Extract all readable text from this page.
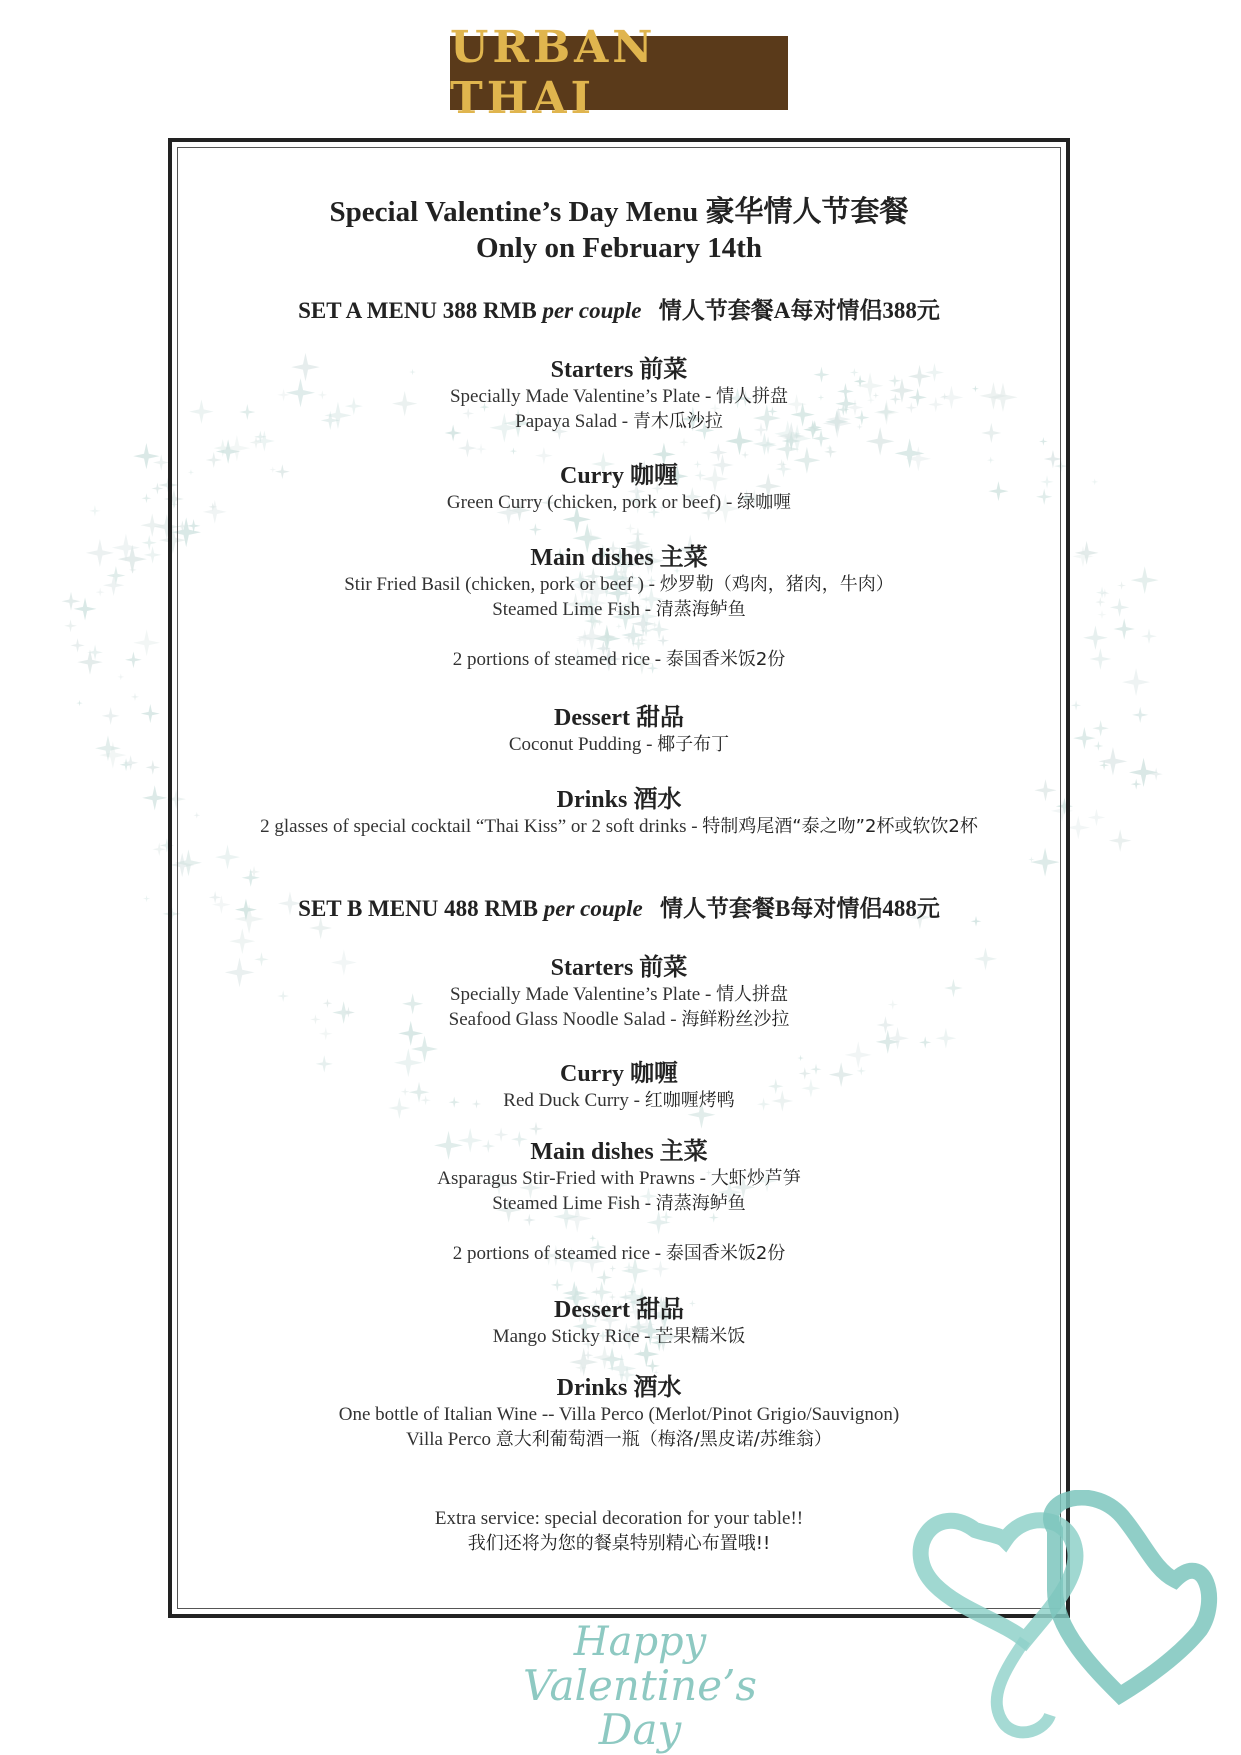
URBAN THAI
Special Valentine’s Day Menu 豪华情人节套餐
Only on February 14th
SET A MENU 388 RMB per couple 情人节套餐A每对情侣388元
Starters 前菜
Specially Made Valentine’s Plate - 情人拼盘
Papaya Salad - 青木瓜沙拉
Curry 咖喱
Green Curry (chicken, pork or beef) - 绿咖喱
Main dishes 主菜
Stir Fried Basil (chicken, pork or beef ) - 炒罗勒（鸡肉，猪肉，牛肉）
Steamed Lime Fish - 清蒸海鲈鱼
2 portions of steamed rice - 泰国香米饭2份
Dessert 甜品
Coconut Pudding - 椰子布丁
Drinks 酒水
2 glasses of special cocktail “Thai Kiss” or 2 soft drinks - 特制鸡尾酒“泰之吻”2杯或软饮2杯
SET B MENU 488 RMB per couple 情人节套餐B每对情侣488元
Starters 前菜
Specially Made Valentine’s Plate - 情人拼盘
Seafood Glass Noodle Salad - 海鲜粉丝沙拉
Curry 咖喱
Red Duck Curry - 红咖喱烤鸭
Main dishes 主菜
Asparagus Stir-Fried with Prawns - 大虾炒芦笋
Steamed Lime Fish - 清蒸海鲈鱼
2 portions of steamed rice - 泰国香米饭2份
Dessert 甜品
Mango Sticky Rice - 芒果糯米饭
Drinks 酒水
One bottle of Italian Wine -- Villa Perco (Merlot/Pinot Grigio/Sauvignon)
Villa Perco 意大利葡萄酒一瓶（梅洛/黑皮诺/苏维翁）
Extra service: special decoration for your table!!
我们还将为您的餐桌特别精心布置哦!!
Happy
Valentine’s Day
